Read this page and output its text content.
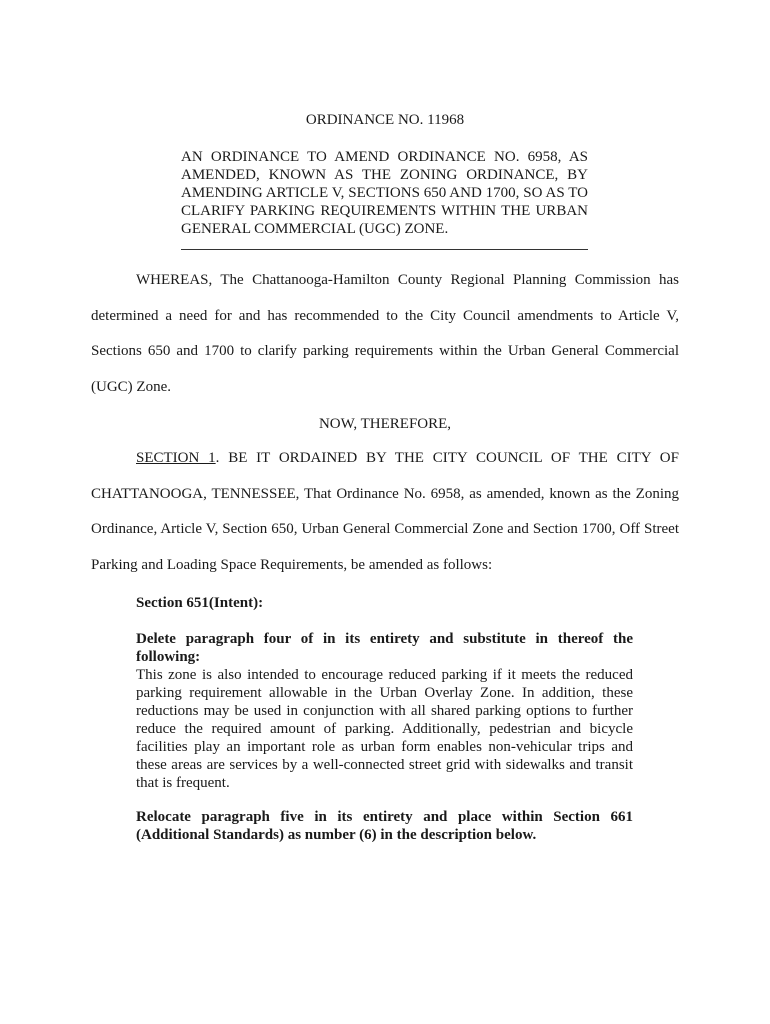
ORDINANCE NO. 11968
AN ORDINANCE TO AMEND ORDINANCE NO. 6958, AS AMENDED, KNOWN AS THE ZONING ORDINANCE, BY AMENDING ARTICLE V, SECTIONS 650 AND 1700, SO AS TO CLARIFY PARKING REQUIREMENTS WITHIN THE URBAN GENERAL COMMERCIAL (UGC) ZONE.
WHEREAS, The Chattanooga-Hamilton County Regional Planning Commission has determined a need for and has recommended to the City Council amendments to Article V, Sections 650 and 1700 to clarify parking requirements within the Urban General Commercial (UGC) Zone.
NOW, THEREFORE,
SECTION 1. BE IT ORDAINED BY THE CITY COUNCIL OF THE CITY OF CHATTANOOGA, TENNESSEE, That Ordinance No. 6958, as amended, known as the Zoning Ordinance, Article V, Section 650, Urban General Commercial Zone and Section 1700, Off Street Parking and Loading Space Requirements, be amended as follows:
Section 651(Intent):
Delete paragraph four of in its entirety and substitute in thereof the following:
This zone is also intended to encourage reduced parking if it meets the reduced parking requirement allowable in the Urban Overlay Zone. In addition, these reductions may be used in conjunction with all shared parking options to further reduce the required amount of parking. Additionally, pedestrian and bicycle facilities play an important role as urban form enables non-vehicular trips and these areas are services by a well-connected street grid with sidewalks and transit that is frequent.
Relocate paragraph five in its entirety and place within Section 661 (Additional Standards) as number (6) in the description below.
